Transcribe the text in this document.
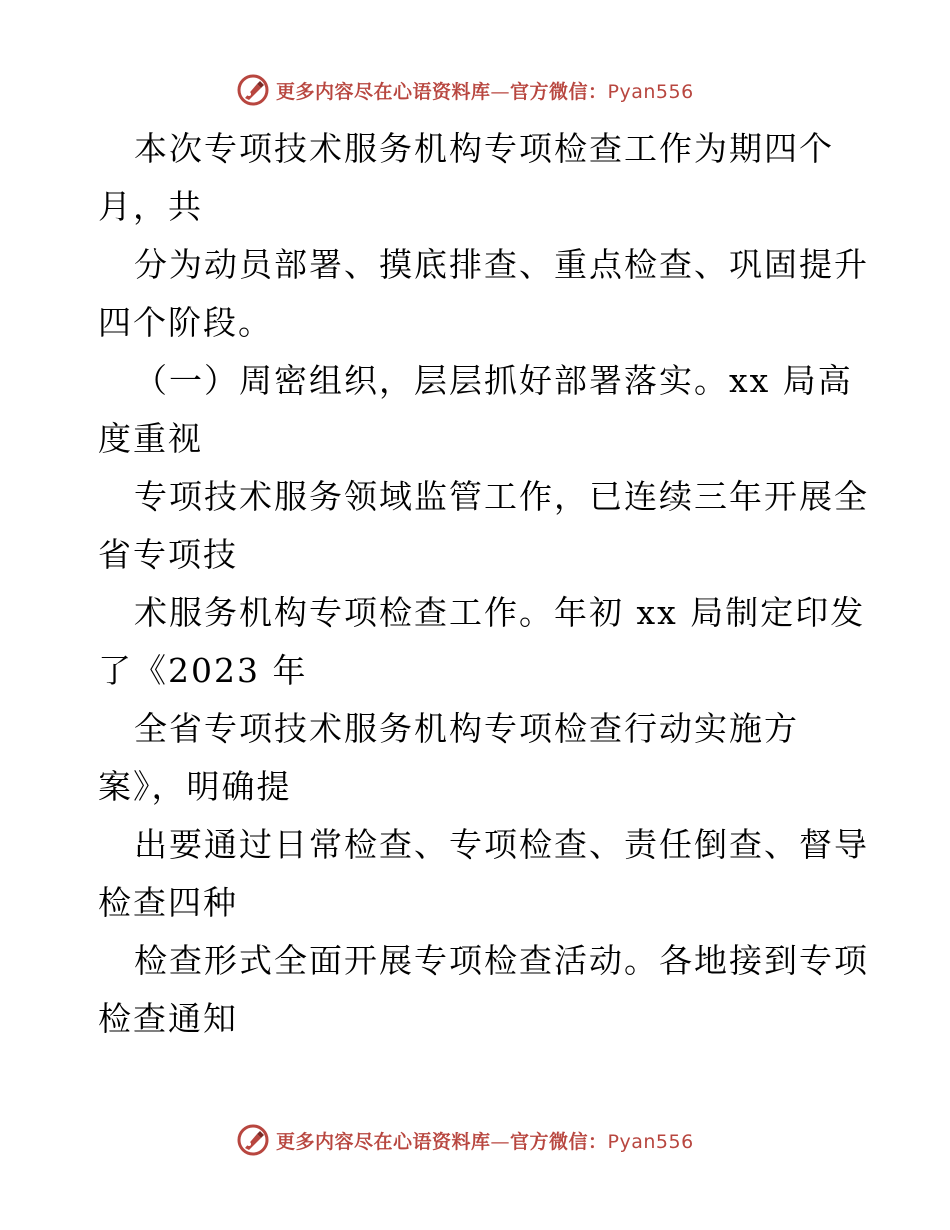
更多内容尽在心语资料库—官方微信：Pyan556
本次专项技术服务机构专项检查工作为期四个
月，共
分为动员部署、摸底排查、重点检查、巩固提升
四个阶段。
（一）周密组织，层层抓好部署落实。xx 局高
度重视
专项技术服务领域监管工作，已连续三年开展全
省专项技
术服务机构专项检查工作。年初 xx 局制定印发
了《2023 年
全省专项技术服务机构专项检查行动实施方
案》，明确提
出要通过日常检查、专项检查、责任倒查、督导
检查四种
检查形式全面开展专项检查活动。各地接到专项
检查通知
更多内容尽在心语资料库—官方微信：Pyan556
